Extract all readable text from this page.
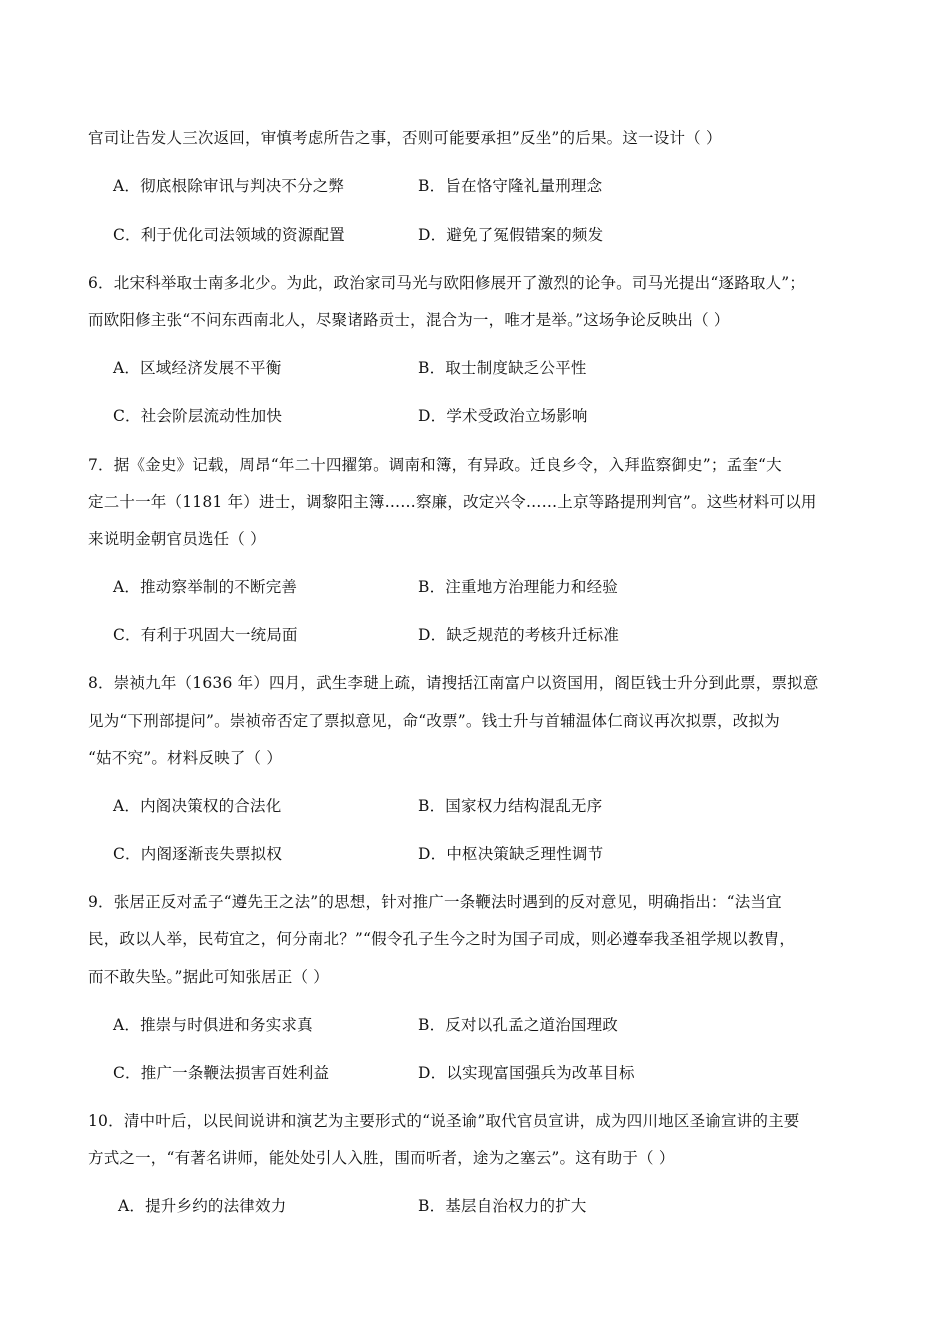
官司让告发人三次返回，审慎考虑所告之事，否则可能要承担”反坐”的后果。这一设计（ ）
A．彻底根除审讯与判决不分之弊	B．旨在恪守隆礼量刑理念
C．利于优化司法领域的资源配置	D．避免了冤假错案的频发
6．北宋科举取士南多北少。为此，政治家司马光与欧阳修展开了激烈的论争。司马光提出“逐路取人”；
而欧阳修主张“不问东西南北人，尽聚诸路贡士，混合为一，唯才是举。”这场争论反映出（ ）
A．区域经济发展不平衡	B．取士制度缺乏公平性
C．社会阶层流动性加快	D．学术受政治立场影响
7．据《金史》记载，周昂“年二十四擢第。调南和簿，有异政。迁良乡令，入拜监察御史”；孟奎“大
定二十一年（1181 年）进士，调黎阳主簿……察廉，改定兴令……上京等路提刑判官”。这些材料可以用
来说明金朝官员选任（ ）
A．推动察举制的不断完善	B．注重地方治理能力和经验
C．有利于巩固大一统局面	D．缺乏规范的考核升迁标准
8．崇祯九年（1636 年）四月，武生李琎上疏，请搜括江南富户以资国用，阁臣钱士升分到此票，票拟意
见为“下刑部提问”。崇祯帝否定了票拟意见，命“改票”。钱士升与首辅温体仁商议再次拟票，改拟为
“姑不究”。材料反映了（ ）
A．内阁决策权的合法化	B．国家权力结构混乱无序
C．内阁逐渐丧失票拟权	D．中枢决策缺乏理性调节
9．张居正反对孟子“遵先王之法”的思想，针对推广一条鞭法时遇到的反对意见，明确指出：“法当宜
民，政以人举，民苟宜之，何分南北？”“假令孔子生今之时为国子司成，则必遵奉我圣祖学规以教胄，
而不敢失坠。”据此可知张居正（ ）
A．推崇与时俱进和务实求真	B．反对以孔孟之道治国理政
C．推广一条鞭法损害百姓利益	D．以实现富国强兵为改革目标
10．清中叶后，以民间说讲和演艺为主要形式的“说圣谕”取代官员宣讲，成为四川地区圣谕宣讲的主要
方式之一，“有著名讲师，能处处引人入胜，围而听者，途为之塞云”。这有助于（ ）
A．提升乡约的法律效力	B．基层自治权力的扩大
